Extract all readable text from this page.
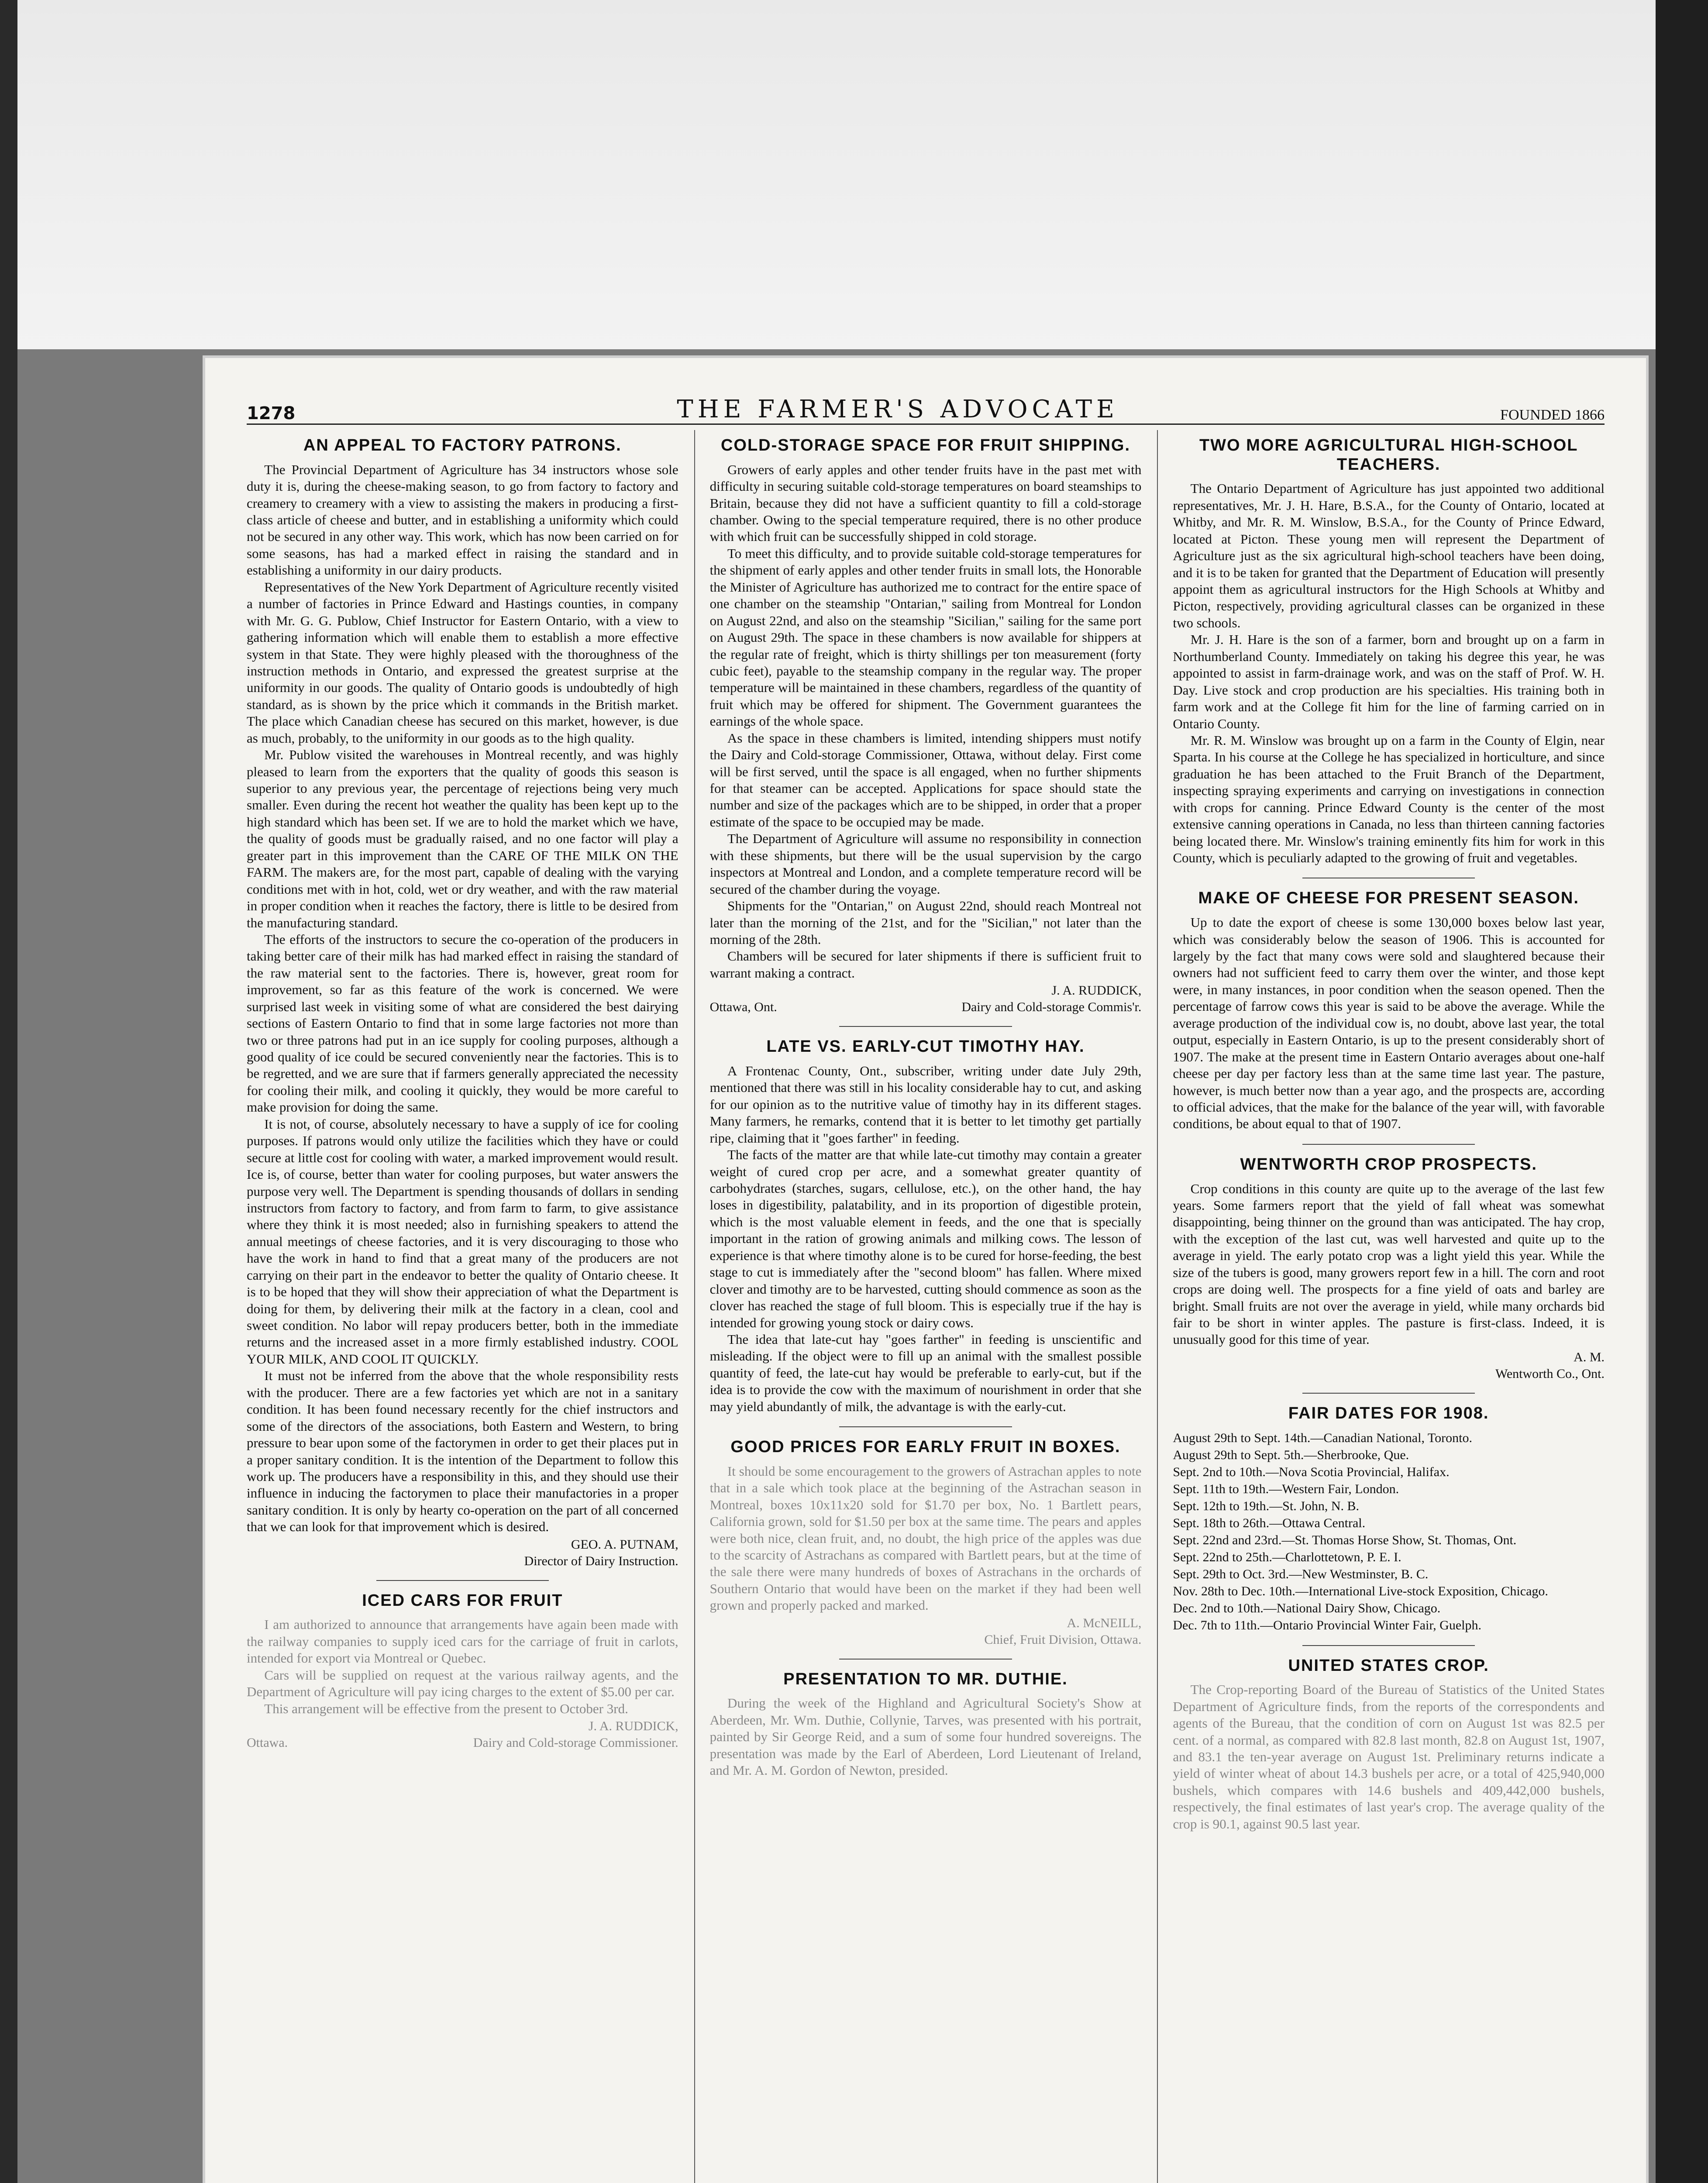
1278	THE FARMER'S ADVOCATE	FOUNDED 1866
AN APPEAL TO FACTORY PATRONS.

The Provincial Department of Agriculture has 34 instructors whose sole duty it is, during the cheese-making season, to go from factory to factory and creamery to creamery with a view to assisting the makers in producing a first-class article of cheese and butter, and in establishing a uniformity which could not be secured in any other way. This work, which has now been carried on for some seasons, has had a marked effect in raising the standard and in establishing a uniformity in our dairy products.

Representatives of the New York Department of Agriculture recently visited a number of factories in Prince Edward and Hastings counties, in company with Mr. G. G. Publow, Chief Instructor for Eastern Ontario, with a view to gathering information which will enable them to establish a more effective system in that State. They were highly pleased with the thoroughness of the instruction methods in Ontario, and expressed the greatest surprise at the uniformity in our goods. The quality of Ontario goods is undoubtedly of high standard, as is shown by the price which it commands in the British market. The place which Canadian cheese has secured on this market, however, is due as much, probably, to the uniformity in our goods as to the high quality.

Mr. Publow visited the warehouses in Montreal recently, and was highly pleased to learn from the exporters that the quality of goods this season is superior to any previous year, the percentage of rejections being very much smaller. Even during the recent hot weather the quality has been kept up to the high standard which has been set. If we are to hold the market which we have, the quality of goods must be gradually raised, and no one factor will play a greater part in this improvement than the CARE OF THE MILK ON THE FARM. The makers are, for the most part, capable of dealing with the varying conditions met with in hot, cold, wet or dry weather, and with the raw material in proper condition when it reaches the factory, there is little to be desired from the manufacturing standard.

The efforts of the instructors to secure the co-operation of the producers in taking better care of their milk has had marked effect in raising the standard of the raw material sent to the factories. There is, however, great room for improvement, so far as this feature of the work is concerned. We were surprised last week in visiting some of what are considered the best dairying sections of Eastern Ontario to find that in some large factories not more than two or three patrons had put in an ice supply for cooling purposes, although a good quality of ice could be secured conveniently near the factories. This is to be regretted, and we are sure that if farmers generally appreciated the necessity for cooling their milk, and cooling it quickly, they would be more careful to make provision for doing the same.

It is not, of course, absolutely necessary to have a supply of ice for cooling purposes. If patrons would only utilize the facilities which they have or could secure at little cost for cooling with water, a marked improvement would result. Ice is, of course, better than water for cooling purposes, but water answers the purpose very well. The Department is spending thousands of dollars in sending instructors from factory to factory, and from farm to farm, to give assistance where they think it is most needed; also in furnishing speakers to attend the annual meetings of cheese factories, and it is very discouraging to those who have the work in hand to find that a great many of the producers are not carrying on their part in the endeavor to better the quality of Ontario cheese. It is to be hoped that they will show their appreciation of what the Department is doing for them, by delivering their milk at the factory in a clean, cool and sweet condition. No labor will repay producers better, both in the immediate returns and the increased asset in a more firmly established industry. COOL YOUR MILK, AND COOL IT QUICKLY.

It must not be inferred from the above that the whole responsibility rests with the producer. There are a few factories yet which are not in a sanitary condition. It has been found necessary recently for the chief instructors and some of the directors of the associations, both Eastern and Western, to bring pressure to bear upon some of the factorymen in order to get their places put in a proper sanitary condition. It is the intention of the Department to follow this work up. The producers have a responsibility in this, and they should use their influence in inducing the factorymen to place their manufactories in a proper sanitary condition. It is only by hearty co-operation on the part of all concerned that we can look for that improvement which is desired.

GEO. A. PUTNAM,
Director of Dairy Instruction.
ICED CARS FOR FRUIT

I am authorized to announce that arrangements have again been made with the railway companies to supply iced cars for the carriage of fruit in carlots, intended for export via Montreal or Quebec.

Cars will be supplied on request at the various railway agents, and the Department of Agriculture will pay icing charges to the extent of $5.00 per car.

This arrangement will be effective from the present to October 3rd.

J. A. RUDDICK,
Ottawa.	Dairy and Cold-storage Commissioner.
COLD-STORAGE SPACE FOR FRUIT SHIPPING.

Growers of early apples and other tender fruits have in the past met with difficulty in securing suitable cold-storage temperatures on board steamships to Britain, because they did not have a sufficient quantity to fill a cold-storage chamber. Owing to the special temperature required, there is no other produce with which fruit can be successfully shipped in cold storage.

To meet this difficulty, and to provide suitable cold-storage temperatures for the shipment of early apples and other tender fruits in small lots, the Honorable the Minister of Agriculture has authorized me to contract for the entire space of one chamber on the steamship "Ontarian," sailing from Montreal for London on August 22nd, and also on the steamship "Sicilian," sailing for the same port on August 29th. The space in these chambers is now available for shippers at the regular rate of freight, which is thirty shillings per ton measurement (forty cubic feet), payable to the steamship company in the regular way. The proper temperature will be maintained in these chambers, regardless of the quantity of fruit which may be offered for shipment. The Government guarantees the earnings of the whole space.

As the space in these chambers is limited, intending shippers must notify the Dairy and Cold-storage Commissioner, Ottawa, without delay. First come will be first served, until the space is all engaged, when no further shipments for that steamer can be accepted. Applications for space should state the number and size of the packages which are to be shipped, in order that a proper estimate of the space to be occupied may be made.

The Department of Agriculture will assume no responsibility in connection with these shipments, but there will be the usual supervision by the cargo inspectors at Montreal and London, and a complete temperature record will be secured of the chamber during the voyage.

Shipments for the "Ontarian," on August 22nd, should reach Montreal not later than the morning of the 21st, and for the "Sicilian," not later than the morning of the 28th.

Chambers will be secured for later shipments if there is sufficient fruit to warrant making a contract.

J. A. RUDDICK,
Ottawa, Ont.	Dairy and Cold-storage Commis'r.
LATE VS. EARLY-CUT TIMOTHY HAY.

A Frontenac County, Ont., subscriber, writing under date July 29th, mentioned that there was still in his locality considerable hay to cut, and asking for our opinion as to the nutritive value of timothy hay in its different stages. Many farmers, he remarks, contend that it is better to let timothy get partially ripe, claiming that it "goes farther" in feeding.

The facts of the matter are that while late-cut timothy may contain a greater weight of cured crop per acre, and a somewhat greater quantity of carbohydrates (starches, sugars, cellulose, etc.), on the other hand, the hay loses in digestibility, palatability, and in its proportion of digestible protein, which is the most valuable element in feeds, and the one that is specially important in the ration of growing animals and milking cows. The lesson of experience is that where timothy alone is to be cured for horse-feeding, the best stage to cut is immediately after the "second bloom" has fallen. Where mixed clover and timothy are to be harvested, cutting should commence as soon as the clover has reached the stage of full bloom. This is especially true if the hay is intended for growing young stock or dairy cows.

The idea that late-cut hay "goes farther" in feeding is unscientific and misleading. If the object were to fill up an animal with the smallest possible quantity of feed, the late-cut hay would be preferable to early-cut, but if the idea is to provide the cow with the maximum of nourishment in order that she may yield abundantly of milk, the advantage is with the early-cut.

GOOD PRICES FOR EARLY FRUIT IN BOXES.

It should be some encouragement to the growers of Astrachan apples to note that in a sale which took place at the beginning of the Astrachan season in Montreal, boxes 10x11x20 sold for $1.70 per box, No. 1 Bartlett pears, California grown, sold for $1.50 per box at the same time. The pears and apples were both nice, clean fruit, and, no doubt, the high price of the apples was due to the scarcity of Astrachans as compared with Bartlett pears, but at the time of the sale there were many hundreds of boxes of Astrachans in the orchards of Southern Ontario that would have been on the market if they had been well grown and properly packed and marked.

A. McNEILL,
Chief, Fruit Division, Ottawa.
PRESENTATION TO MR. DUTHIE.

During the week of the Highland and Agricultural Society's Show at Aberdeen, Mr. Wm. Duthie, Collynie, Tarves, was presented with his portrait, painted by Sir George Reid, and a sum of some four hundred sovereigns. The presentation was made by the Earl of Aberdeen, Lord Lieutenant of Ireland, and Mr. A. M. Gordon of Newton, presided.

TWO MORE AGRICULTURAL HIGH-SCHOOL TEACHERS.

The Ontario Department of Agriculture has just appointed two additional representatives, Mr. J. H. Hare, B.S.A., for the County of Ontario, located at Whitby, and Mr. R. M. Winslow, B.S.A., for the County of Prince Edward, located at Picton. These young men will represent the Department of Agriculture just as the six agricultural high-school teachers have been doing, and it is to be taken for granted that the Department of Education will presently appoint them as agricultural instructors for the High Schools at Whitby and Picton, respectively, providing agricultural classes can be organized in these two schools.

Mr. J. H. Hare is the son of a farmer, born and brought up on a farm in Northumberland County. Immediately on taking his degree this year, he was appointed to assist in farm-drainage work, and was on the staff of Prof. W. H. Day. Live stock and crop production are his specialties. His training both in farm work and at the College fit him for the line of farming carried on in Ontario County.

Mr. R. M. Winslow was brought up on a farm in the County of Elgin, near Sparta. In his course at the College he has specialized in horticulture, and since graduation he has been attached to the Fruit Branch of the Department, inspecting spraying experiments and carrying on investigations in connection with crops for canning. Prince Edward County is the center of the most extensive canning operations in Canada, no less than thirteen canning factories being located there. Mr. Winslow's training eminently fits him for work in this County, which is peculiarly adapted to the growing of fruit and vegetables.

MAKE OF CHEESE FOR PRESENT SEASON.

Up to date the export of cheese is some 130,000 boxes below last year, which was considerably below the season of 1906. This is accounted for largely by the fact that many cows were sold and slaughtered because their owners had not sufficient feed to carry them over the winter, and those kept were, in many instances, in poor condition when the season opened. Then the percentage of farrow cows this year is said to be above the average. While the average production of the individual cow is, no doubt, above last year, the total output, especially in Eastern Ontario, is up to the present considerably short of 1907. The make at the present time in Eastern Ontario averages about one-half cheese per day per factory less than at the same time last year. The pasture, however, is much better now than a year ago, and the prospects are, according to official advices, that the make for the balance of the year will, with favorable conditions, be about equal to that of 1907.

WENTWORTH CROP PROSPECTS.

Crop conditions in this county are quite up to the average of the last few years. Some farmers report that the yield of fall wheat was somewhat disappointing, being thinner on the ground than was anticipated. The hay crop, with the exception of the last cut, was well harvested and quite up to the average in yield. The early potato crop was a light yield this year. While the size of the tubers is good, many growers report few in a hill. The corn and root crops are doing well. The prospects for a fine yield of oats and barley are bright. Small fruits are not over the average in yield, while many orchards bid fair to be short in winter apples. The pasture is first-class. Indeed, it is unusually good for this time of year.

A. M.
Wentworth Co., Ont.
FAIR DATES FOR 1908.
August 29th to Sept. 14th.—Canadian National, Toronto.
August 29th to Sept. 5th.—Sherbrooke, Que.
Sept. 2nd to 10th.—Nova Scotia Provincial, Halifax.
Sept. 11th to 19th.—Western Fair, London.
Sept. 12th to 19th.—St. John, N. B.
Sept. 18th to 26th.—Ottawa Central.
Sept. 22nd and 23rd.—St. Thomas Horse Show, St. Thomas, Ont.
Sept. 22nd to 25th.—Charlottetown, P. E. I.
Sept. 29th to Oct. 3rd.—New Westminster, B. C.
Nov. 28th to Dec. 10th.—International Live-stock Exposition, Chicago.
Dec. 2nd to 10th.—National Dairy Show, Chicago.
Dec. 7th to 11th.—Ontario Provincial Winter Fair, Guelph.
UNITED STATES CROP.

The Crop-reporting Board of the Bureau of Statistics of the United States Department of Agriculture finds, from the reports of the correspondents and agents of the Bureau, that the condition of corn on August 1st was 82.5 per cent. of a normal, as compared with 82.8 last month, 82.8 on August 1st, 1907, and 83.1 the ten-year average on August 1st. Preliminary returns indicate a yield of winter wheat of about 14.3 bushels per acre, or a total of 425,940,000 bushels, which compares with 14.6 bushels and 409,442,000 bushels, respectively, the final estimates of last year's crop. The average quality of the crop is 90.1, against 90.5 last year.
